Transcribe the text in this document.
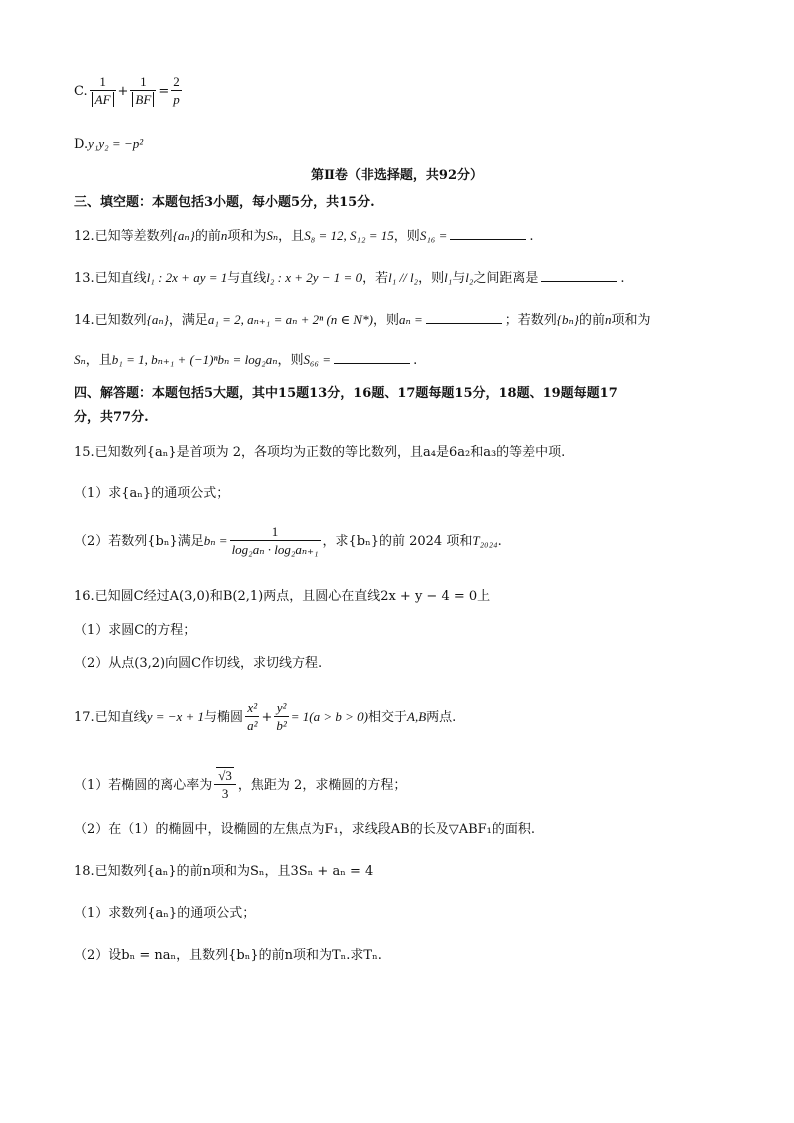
C. $\frac{1}{AF} + \frac{1}{BF} = \frac{2}{p}$
D.y₁y₂ = −p²
第Ⅱ卷（非选择题，共92分）
三、填空题：本题包括3小题，每小题5分，共15分.
12.已知等差数列{aₙ}的前n项和为Sₙ，且S₈ = 12, S₁₂ = 15，则S₁₆ =	.
13.已知直线l₁ : 2x + ay = 1与直线l₂ : x + 2y − 1 = 0，若l₁ // l₂，则l₁与l₂之间距离是	.
14.已知数列{aₙ}，满足a₁ = 2, aₙ₊₁ = aₙ + 2ⁿ (n ∈ N*)，则aₙ =	；若数列{bₙ}的前n项和为
Sₙ，且b₁ = 1, bₙ₊₁ + (−1)ⁿbₙ = log₂aₙ，则S₆₆ =	.
四、解答题：本题包括5大题，其中15题13分，16题、17题每题15分，18题、19题每题17
分，共77分.
15.已知数列{aₙ}是首项为 2，各项均为正数的等比数列，且a₄是6a₂和a₃的等差中项.
（1）求{aₙ}的通项公式；
（2）若数列{bₙ}满足$b_n = \frac{1}{\text{log₂aₙ · log₂aₙ₊₁}}$ ，求{bₙ}的前 2024 项和T₂₀₂₄.
16.已知圆C经过A(3,0)和B(2,1)两点，且圆心在直线2x + y − 4 = 0上
（1）求圆C的方程；
（2）从点(3,2)向圆C作切线，求切线方程.
17.已知直线y = −x + 1与椭圆 $\frac{\text{x²}}{\text{a²}} + \frac{\text{y²}}{\text{b²}} = 1(a > b > 0)$相交于A,B两点.
（1）若椭圆的离心率为 $\frac{√3}{3}$ ，焦距为 2，求椭圆的方程；
（2）在（1）的椭圆中，设椭圆的左焦点为F₁，求线段AB的长及▽ABF₁的面积.
18.已知数列{aₙ}的前n项和为Sₙ，且3Sₙ + aₙ = 4
（1）求数列{aₙ}的通项公式；
（2）设bₙ = naₙ，且数列{bₙ}的前n项和为Tₙ.求Tₙ.
